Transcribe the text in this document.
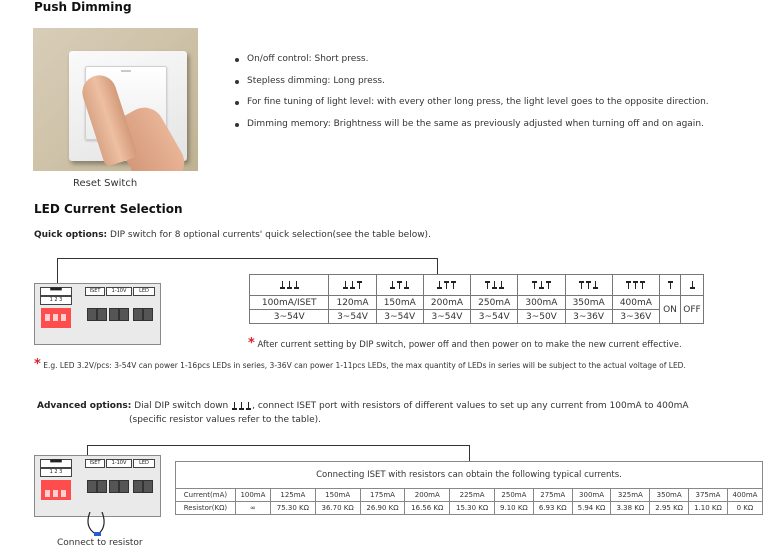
Push Dimming
Reset Switch
On/off control: Short press.
Stepless dimming: Long press.
For fine tuning of light level: with every other long press, the light level goes to the opposite direction.
Dimming memory: Brightness will be the same as previously adjusted when turning off and on again.
LED Current Selection
Quick options: DIP switch for 8 optional currents' quick selection(see the table below).
▀▀▀
1 2 3
ISET	1-10V	LED

100mA/ISET	120mA	150mA	200mA	250mA	300mA	350mA	400mA	ON	OFF
3~54V	3~54V	3~54V	3~54V	3~54V	3~50V	3~36V	3~36V		
* After current setting by DIP switch, power off and then power on to make the new current effective.
* E.g. LED 3.2V/pcs: 3-54V can power 1-16pcs LEDs in series, 3-36V can power 1-11pcs LEDs, the max quantity of LEDs in series will be subject to the actual voltage of LED.
Advanced options: Dial DIP switch down	, connect ISET port with resistors of different values to set up any current from 100mA to 400mA
(specific resistor values refer to the table).
▀▀▀
1 2 3
ISET	1-10V	LED
Connect to resistor
Connecting ISET with resistors can obtain the following typical currents.													
Current(mA)	100mA	125mA	150mA	175mA	200mA	225mA	250mA	275mA	300mA	325mA	350mA	375mA	400mA
Resistor(KΩ)	∞	75.30 KΩ	36.70 KΩ	26.90 KΩ	16.56 KΩ	15.30 KΩ	9.10 KΩ	6.93 KΩ	5.94 KΩ	3.38 KΩ	2.95 KΩ	1.10 KΩ	0 KΩ
